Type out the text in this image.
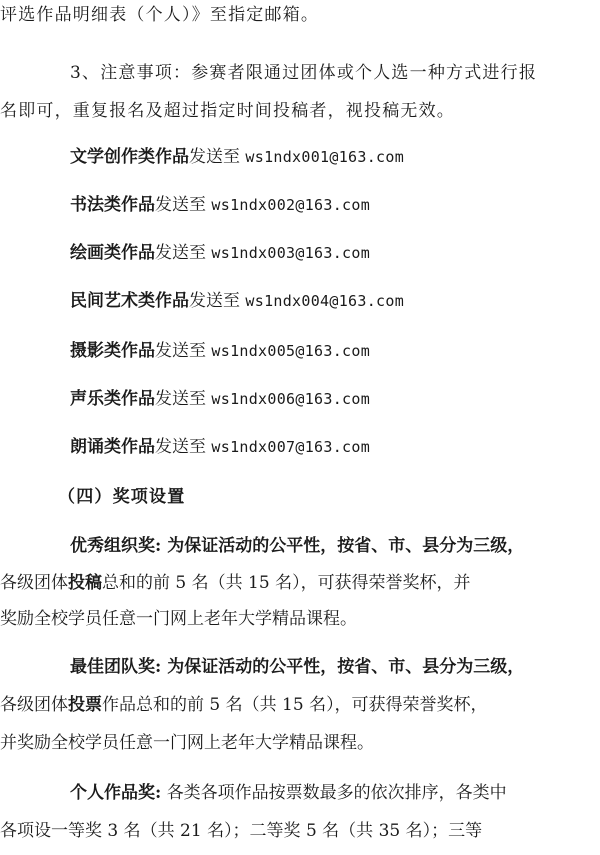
评选作品明细表（个人）》至指定邮箱。
3、注意事项：参赛者限通过团体或个人选一种方式进行报
名即可，重复报名及超过指定时间投稿者，视投稿无效。
文学创作类作品发送至 ws1ndx001@163.com
书法类作品发送至 ws1ndx002@163.com
绘画类作品发送至 ws1ndx003@163.com
民间艺术类作品发送至 ws1ndx004@163.com
摄影类作品发送至 ws1ndx005@163.com
声乐类作品发送至 ws1ndx006@163.com
朗诵类作品发送至 ws1ndx007@163.com
（四）奖项设置
优秀组织奖: 为保证活动的公平性，按省、市、县分为三级，
各级团体投稿总和的前 5 名（共 15 名），可获得荣誉奖杯，并
奖励全校学员任意一门网上老年大学精品课程。
最佳团队奖: 为保证活动的公平性，按省、市、县分为三级，
各级团体投票作品总和的前 5 名（共 15 名），可获得荣誉奖杯，
并奖励全校学员任意一门网上老年大学精品课程。
个人作品奖: 各类各项作品按票数最多的依次排序，各类中
各项设一等奖 3 名（共 21 名）；二等奖 5 名（共 35 名）；三等
